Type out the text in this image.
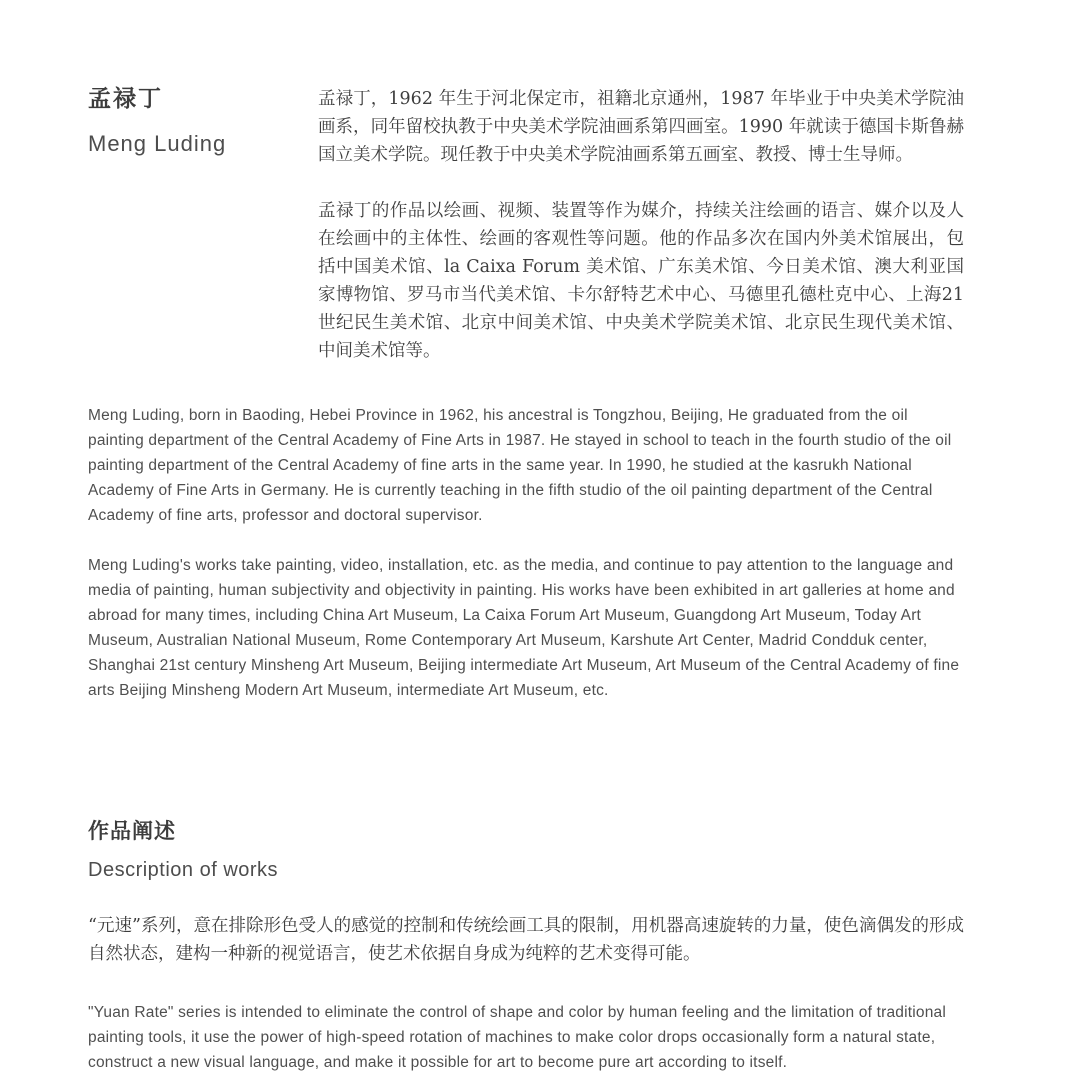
孟禄丁
Meng Luding

孟禄丁，1962 年生于河北保定市，祖籍北京通州，1987 年毕业于中央美术学院油画系，同年留校执教于中央美术学院油画系第四画室。1990 年就读于德国卡斯鲁赫国立美术学院。现任教于中央美术学院油画系第五画室、教授、博士生导师。

孟禄丁的作品以绘画、视频、装置等作为媒介，持续关注绘画的语言、媒介以及人在绘画中的主体性、绘画的客观性等问题。他的作品多次在国内外美术馆展出，包括中国美术馆、la Caixa Forum 美术馆、广东美术馆、今日美术馆、澳大利亚国家博物馆、罗马市当代美术馆、卡尔舒特艺术中心、马德里孔德杜克中心、上海21 世纪民生美术馆、北京中间美术馆、中央美术学院美术馆、北京民生现代美术馆、中间美术馆等。

Meng Luding, born in Baoding, Hebei Province in 1962, his ancestral is Tongzhou, Beijing, He graduated from the oil painting department of the Central Academy of Fine Arts in 1987. He stayed in school to teach in the fourth studio of the oil painting department of the Central Academy of fine arts in the same year. In 1990, he studied at the kasrukh National Academy of Fine Arts in Germany. He is currently teaching in the fifth studio of the oil painting department of the Central Academy of fine arts, professor and doctoral supervisor.

Meng Luding's works take painting, video, installation, etc. as the media, and continue to pay attention to the language and media of painting, human subjectivity and objectivity in painting. His works have been exhibited in art galleries at home and abroad for many times, including China Art Museum, La Caixa Forum Art Museum, Guangdong Art Museum, Today Art Museum, Australian National Museum, Rome Contemporary Art Museum, Karshute Art Center, Madrid Condduk center, Shanghai 21st century Minsheng Art Museum, Beijing intermediate Art Museum, Art Museum of the Central Academy of fine arts Beijing Minsheng Modern Art Museum, intermediate Art Museum, etc.

作品阐述
Description of works

“元速”系列，意在排除形色受人的感觉的控制和传统绘画工具的限制，用机器高速旋转的力量，使色滴偶发的形成自然状态，建构一种新的视觉语言，使艺术依据自身成为纯粹的艺术变得可能。

"Yuan Rate" series is intended to eliminate the control of shape and color by human feeling and the limitation of traditional painting tools, it use the power of high-speed rotation of machines to make color drops occasionally form a natural state, construct a new visual language, and make it possible for art to become pure art according to itself.
